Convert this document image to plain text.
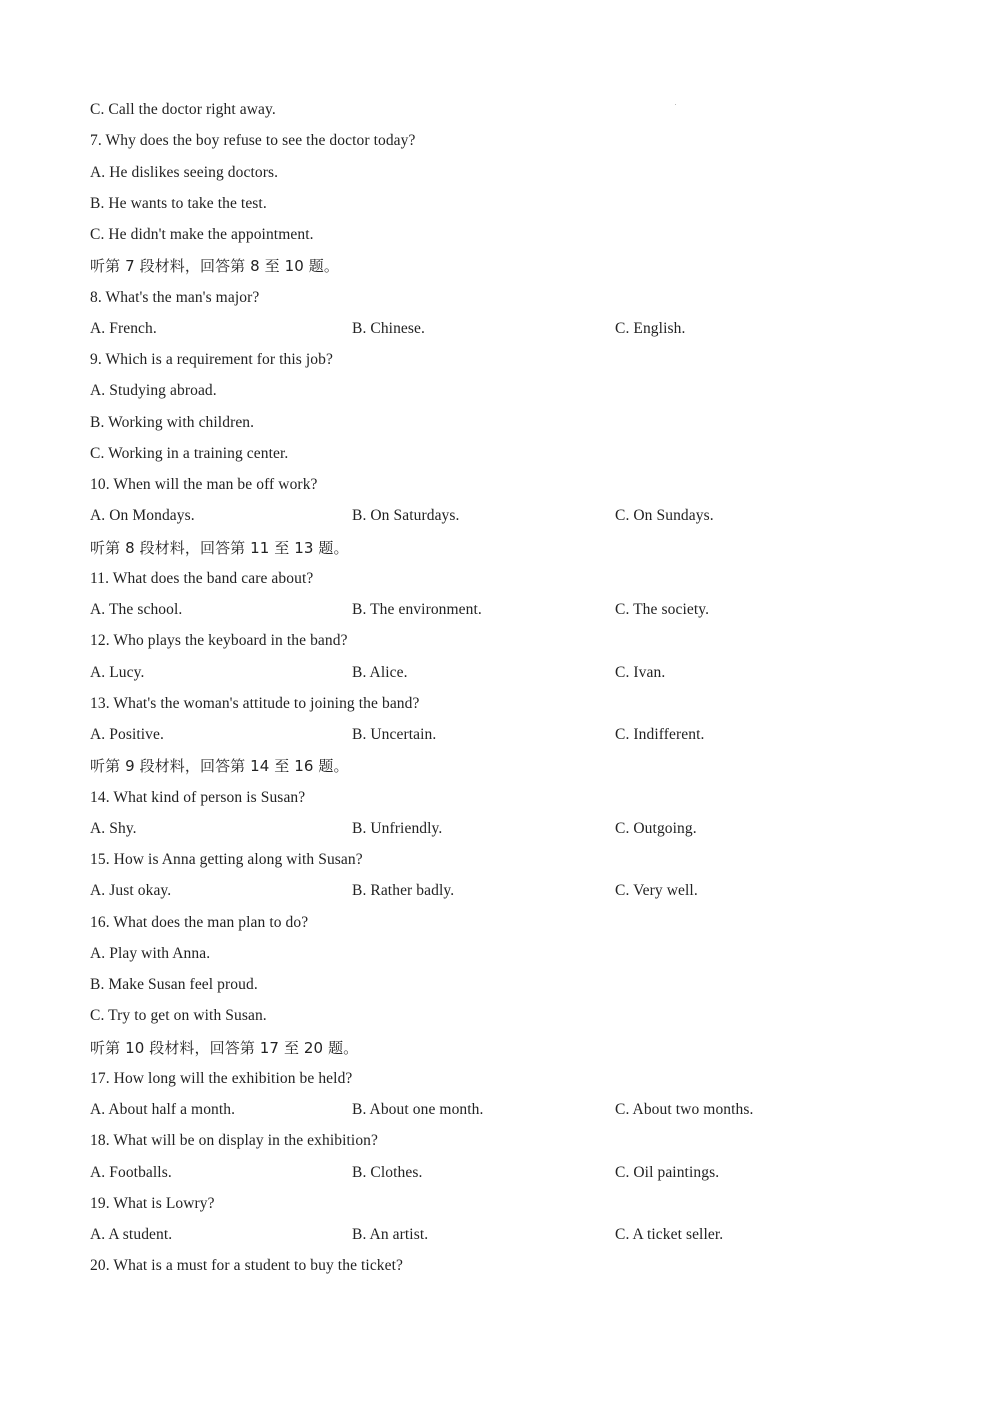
C. Call the doctor right away.
7. Why does the boy refuse to see the doctor today?
A. He dislikes seeing doctors.
B. He wants to take the test.
C. He didn't make the appointment.
听第 7 段材料，回答第 8 至 10 题。
8. What's the man's major?
A. French.	B. Chinese.	C. English.
9. Which is a requirement for this job?
A. Studying abroad.
B. Working with children.
C. Working in a training center.
10. When will the man be off work?
A. On Mondays.	B. On Saturdays.	C. On Sundays.
听第 8 段材料，回答第 11 至 13 题。
11. What does the band care about?
A. The school.	B. The environment.	C. The society.
12. Who plays the keyboard in the band?
A. Lucy.	B. Alice.	C. Ivan.
13. What's the woman's attitude to joining the band?
A. Positive.	B. Uncertain.	C. Indifferent.
听第 9 段材料，回答第 14 至 16 题。
14. What kind of person is Susan?
A. Shy.	B. Unfriendly.	C. Outgoing.
15. How is Anna getting along with Susan?
A. Just okay.	B. Rather badly.	C. Very well.
16. What does the man plan to do?
A. Play with Anna.
B. Make Susan feel proud.
C. Try to get on with Susan.
听第 10 段材料，回答第 17 至 20 题。
17. How long will the exhibition be held?
A. About half a month.	B. About one month.	C. About two months.
18. What will be on display in the exhibition?
A. Footballs.	B. Clothes.	C. Oil paintings.
19. What is Lowry?
A. A student.	B. An artist.	C. A ticket seller.
20. What is a must for a student to buy the ticket?
